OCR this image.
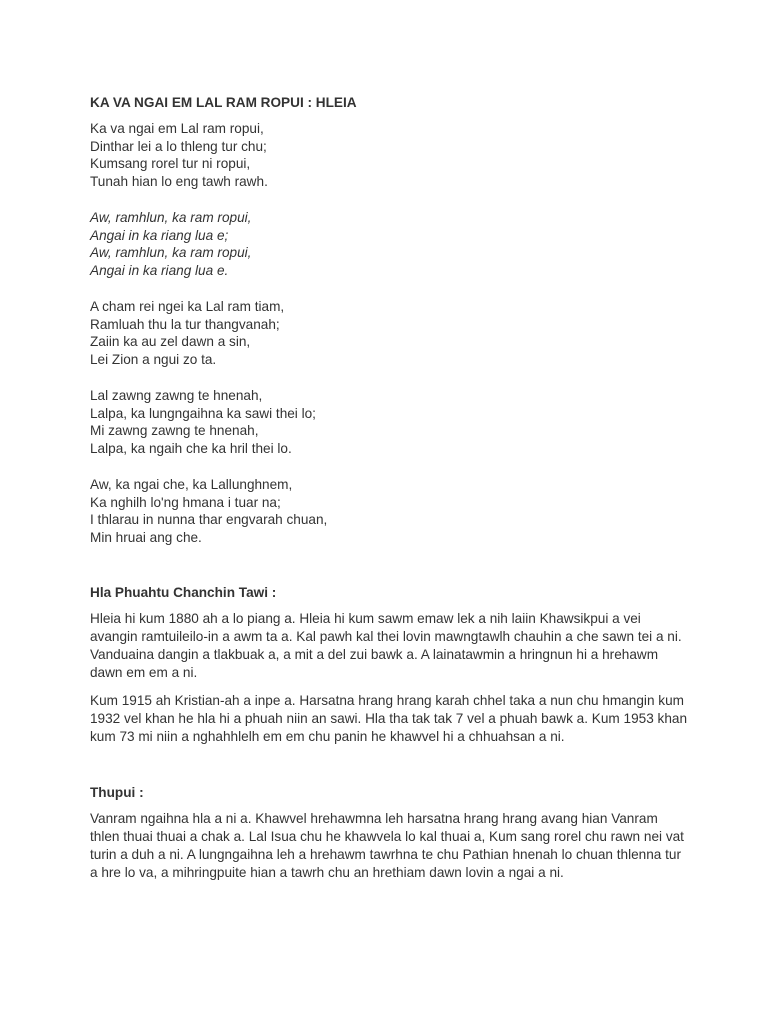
KA VA NGAI EM LAL RAM ROPUI : HLEIA
Ka va ngai em Lal ram ropui,
Dinthar lei a lo thleng tur chu;
Kumsang rorel tur ni ropui,
Tunah hian lo eng tawh rawh.
Aw, ramhlun, ka ram ropui,
Angai in ka riang lua e;
Aw, ramhlun, ka ram ropui,
Angai in ka riang lua e.
A cham rei ngei ka Lal ram tiam,
Ramluah thu la tur thangvanah;
Zaiin ka au zel dawn a sin,
Lei Zion a ngui zo ta.
Lal zawng zawng te hnenah,
Lalpa, ka lungngaihna ka sawi thei lo;
Mi zawng zawng te hnenah,
Lalpa, ka ngaih che ka hril thei lo.
Aw, ka ngai che, ka Lallunghnem,
Ka nghilh lo'ng hmana i tuar na;
I thlarau in nunna thar engvarah chuan,
Min hruai ang che.
Hla Phuahtu Chanchin Tawi :
Hleia hi kum 1880 ah a lo piang a. Hleia hi kum sawm emaw lek a nih laiin Khawsikpui a vei avangin ramtuileilo-in a awm ta a. Kal pawh kal thei lovin mawngtawlh chauhin a che sawn tei a ni. Vanduaina dangin a tlakbuak a, a mit a del zui bawk a. A lainatawmin a hringnun hi a hrehawm dawn em em a ni.
Kum 1915 ah Kristian-ah a inpe a. Harsatna hrang hrang karah chhel taka a nun chu hmangin kum 1932 vel khan he hla hi a phuah niin an sawi. Hla tha tak tak 7 vel a phuah bawk a. Kum 1953 khan kum 73 mi niin a nghahhlelh em em chu panin he khawvel hi a chhuahsan a ni.
Thupui :
Vanram ngaihna hla a ni a. Khawvel hrehawmna leh harsatna hrang hrang avang hian Vanram thlen thuai thuai a chak a. Lal Isua chu he khawvela lo kal thuai a, Kum sang rorel chu rawn nei vat turin a duh a ni. A lungngaihna leh a hrehawm tawrhna te chu Pathian hnenah lo chuan thlenna tur a hre lo va, a mihringpuite hian a tawrh chu an hrethiam dawn lovin a ngai a ni.
